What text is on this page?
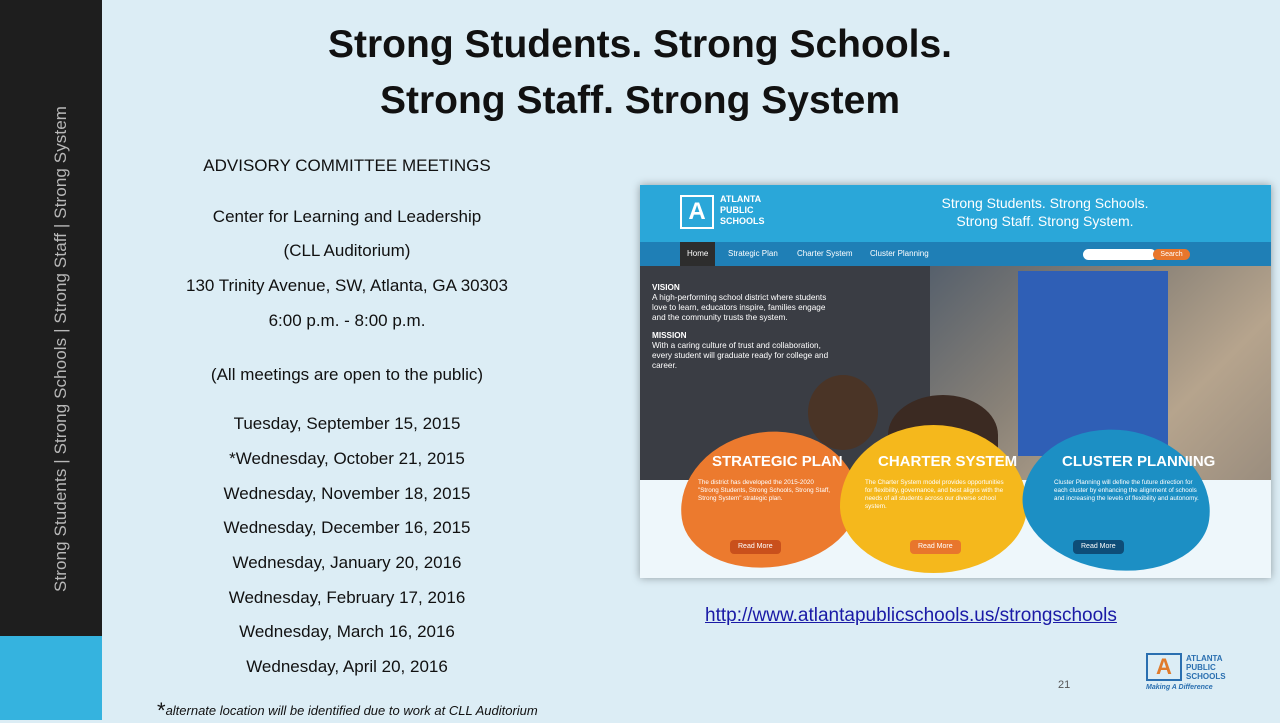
Strong Students | Strong Schools | Strong Staff | Strong System
Strong Students. Strong Schools.
Strong Staff. Strong System
ADVISORY COMMITTEE MEETINGS
Center for Learning and Leadership
(CLL Auditorium)
130 Trinity Avenue, SW, Atlanta, GA 30303
6:00 p.m. - 8:00 p.m.
(All meetings are open to the public)
Tuesday, September 15, 2015
*Wednesday, October 21, 2015
Wednesday, November 18, 2015
Wednesday, December 16, 2015
Wednesday, January 20, 2016
Wednesday, February 17, 2016
Wednesday, March 16, 2016
Wednesday, April 20, 2016
*alternate location will be identified due to work at CLL Auditorium
A	ATLANTA
PUBLIC
SCHOOLS
Strong Students. Strong Schools.
Strong Staff. Strong System.
Home	Strategic Plan	Charter System	Cluster Planning	Search
VISION
A high-performing school district where students love to learn, educators inspire, families engage and the community trusts the system.
MISSION
With a caring culture of trust and collaboration, every student will graduate ready for college and career.
STRATEGIC PLAN
The district has developed the 2015-2020 "Strong Students, Strong Schools, Strong Staff, Strong System" strategic plan.
Read More
CHARTER SYSTEM
The Charter System model provides opportunities for flexibility, governance, and best aligns with the needs of all students across our diverse school system.
Read More
CLUSTER PLANNING
Cluster Planning will define the future direction for each cluster by enhancing the alignment of schools and increasing the levels of flexibility and autonomy.
Read More
http://www.atlantapublicschools.us/strongschools
21
A	ATLANTA
PUBLIC
SCHOOLS
Making A Difference
